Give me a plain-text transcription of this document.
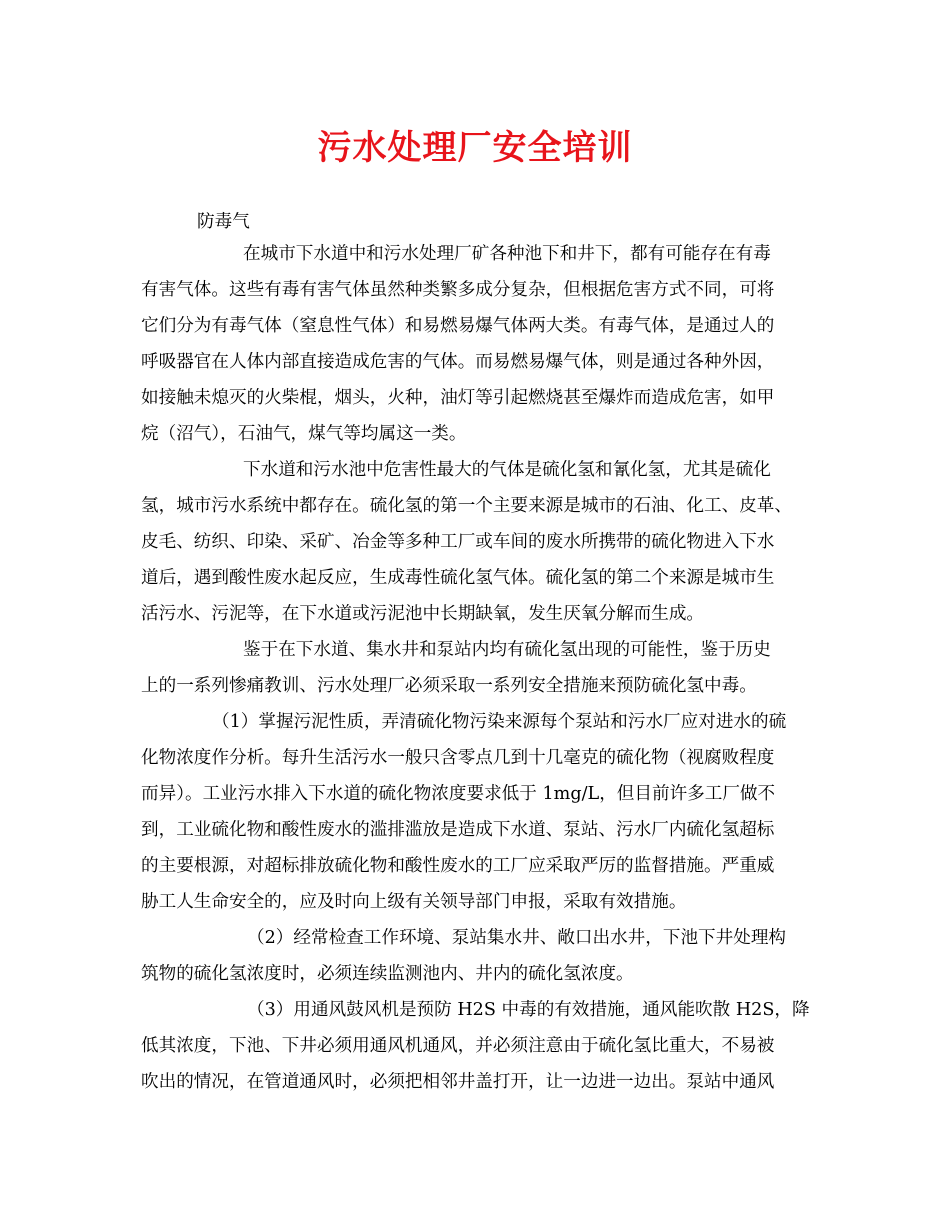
污水处理厂安全培训
防毒气
在城市下水道中和污水处理厂矿各种池下和井下，都有可能存在有毒
有害气体。这些有毒有害气体虽然种类繁多成分复杂，但根据危害方式不同，可将
它们分为有毒气体（窒息性气体）和易燃易爆气体两大类。有毒气体，是通过人的
呼吸器官在人体内部直接造成危害的气体。而易燃易爆气体，则是通过各种外因，
如接触未熄灭的火柴棍，烟头，火种，油灯等引起燃烧甚至爆炸而造成危害，如甲
烷（沼气），石油气，煤气等均属这一类。
下水道和污水池中危害性最大的气体是硫化氢和氰化氢，尤其是硫化
氢，城市污水系统中都存在。硫化氢的第一个主要来源是城市的石油、化工、皮革、
皮毛、纺织、印染、采矿、冶金等多种工厂或车间的废水所携带的硫化物进入下水
道后，遇到酸性废水起反应，生成毒性硫化氢气体。硫化氢的第二个来源是城市生
活污水、污泥等，在下水道或污泥池中长期缺氧，发生厌氧分解而生成。
鉴于在下水道、集水井和泵站内均有硫化氢出现的可能性，鉴于历史
上的一系列惨痛教训、污水处理厂必须采取一系列安全措施来预防硫化氢中毒。
（1）掌握污泥性质，弄清硫化物污染来源每个泵站和污水厂应对进水的硫
化物浓度作分析。每升生活污水一般只含零点几到十几毫克的硫化物（视腐败程度
而异）。工业污水排入下水道的硫化物浓度要求低于 1mg/L，但目前许多工厂做不
到，工业硫化物和酸性废水的滥排滥放是造成下水道、泵站、污水厂内硫化氢超标
的主要根源，对超标排放硫化物和酸性废水的工厂应采取严厉的监督措施。严重威
胁工人生命安全的，应及时向上级有关领导部门申报，采取有效措施。
（2）经常检查工作环境、泵站集水井、敞口出水井，下池下井处理构
筑物的硫化氢浓度时，必须连续监测池内、井内的硫化氢浓度。
（3）用通风鼓风机是预防 H2S 中毒的有效措施，通风能吹散 H2S，降
低其浓度，下池、下井必须用通风机通风，并必须注意由于硫化氢比重大，不易被
吹出的情况，在管道通风时，必须把相邻井盖打开，让一边进一边出。泵站中通风
